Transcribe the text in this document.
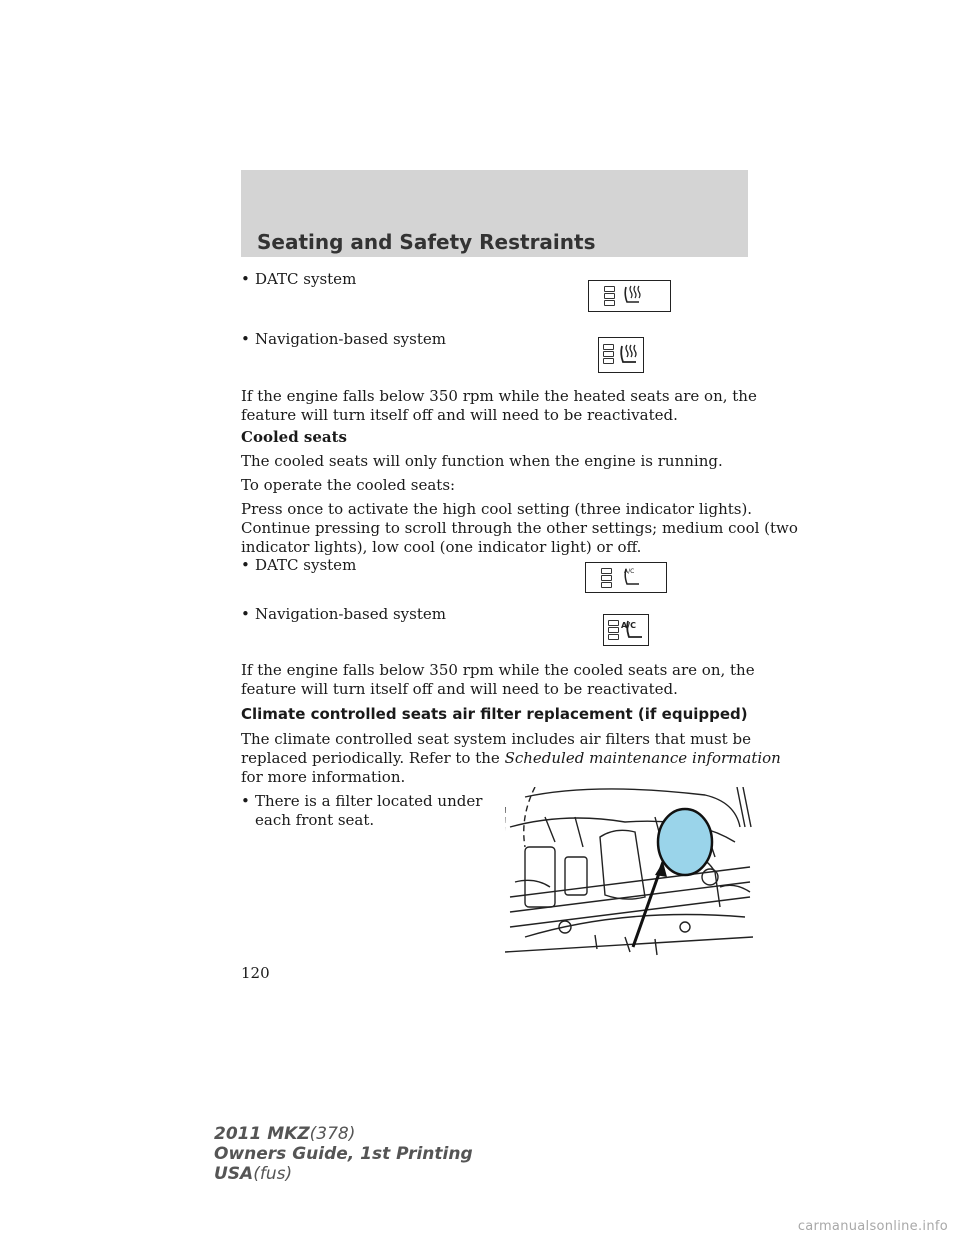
Seating and Safety Restraints
• DATC system
• Navigation-based system
If the engine falls below 350 rpm while the heated seats are on, the
feature will turn itself off and will need to be reactivated.
Cooled seats
The cooled seats will only function when the engine is running.
To operate the cooled seats:
Press once to activate the high cool setting (three indicator lights).
Continue pressing to scroll through the other settings; medium cool (two
indicator lights), low cool (one indicator light) or off.
• DATC system	A/C
• Navigation-based system
A/C
If the engine falls below 350 rpm while the cooled seats are on, the
feature will turn itself off and will need to be reactivated.
Climate controlled seats air filter replacement (if equipped)
The climate controlled seat system includes air filters that must be
replaced periodically. Refer to the Scheduled maintenance information
for more information.
• There is a filter located under
each front seat.
120
2011 MKZ(378)
Owners Guide, 1st Printing
USA(fus)
carmanualsonline.info
